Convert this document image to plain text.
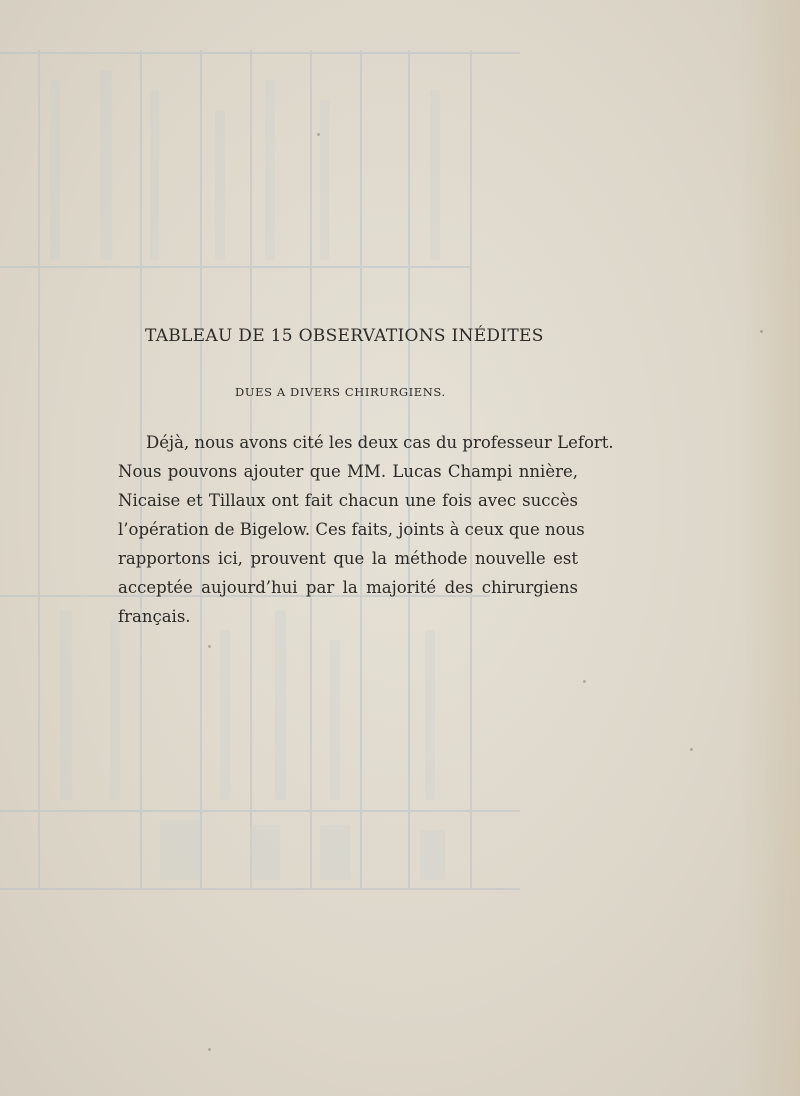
TABLEAU DE 15 OBSERVATIONS INÉDITES
DUES A DIVERS CHIRURGIENS.
Déjà, nous avons cité les deux cas du professeur Lefort.
Nous pouvons ajouter que MM. Lucas Champi nnière,
Nicaise et Tillaux ont fait chacun une fois avec succès
l’opération de Bigelow. Ces faits, joints à ceux que nous
rapportons ici, prouvent que la méthode nouvelle est
acceptée aujourd’hui par la majorité des chirurgiens
français.
